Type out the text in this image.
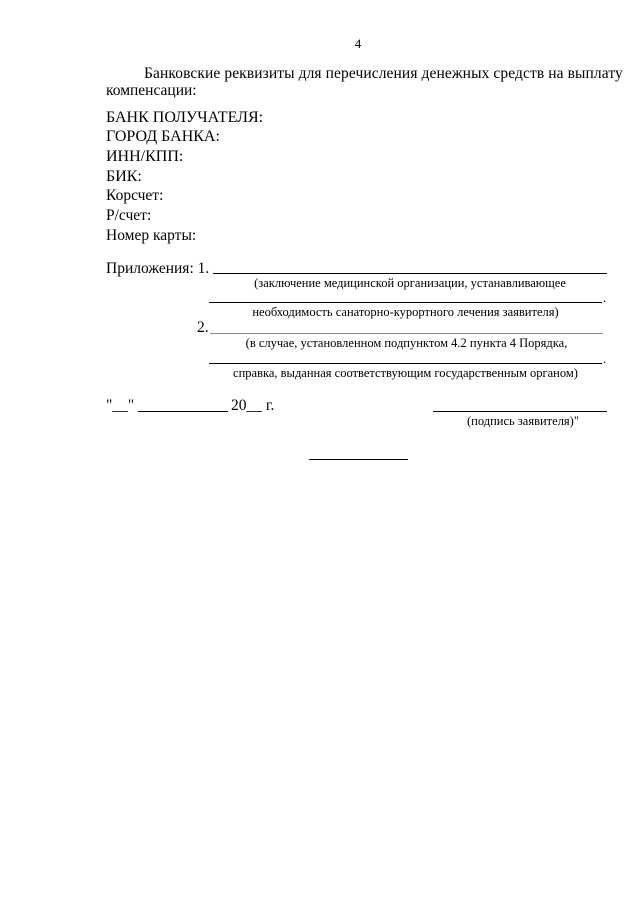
4
Банковские реквизиты для перечисления денежных средств на выплату
компенсации:
БАНК ПОЛУЧАТЕЛЯ:
ГОРОД БАНКА:
ИНН/КПП:
БИК:
Корсчет:
Р/счет:
Номер карты:
Приложения: 1.
(заключение медицинской организации, устанавливающее
.
необходимость санаторно-курортного лечения заявителя)
2.
(в случае, установленном подпунктом 4.2 пункта 4 Порядка,
.
справка, выданная соответствующим государственным органом)
"__"	20__ г.
(подпись заявителя)"
